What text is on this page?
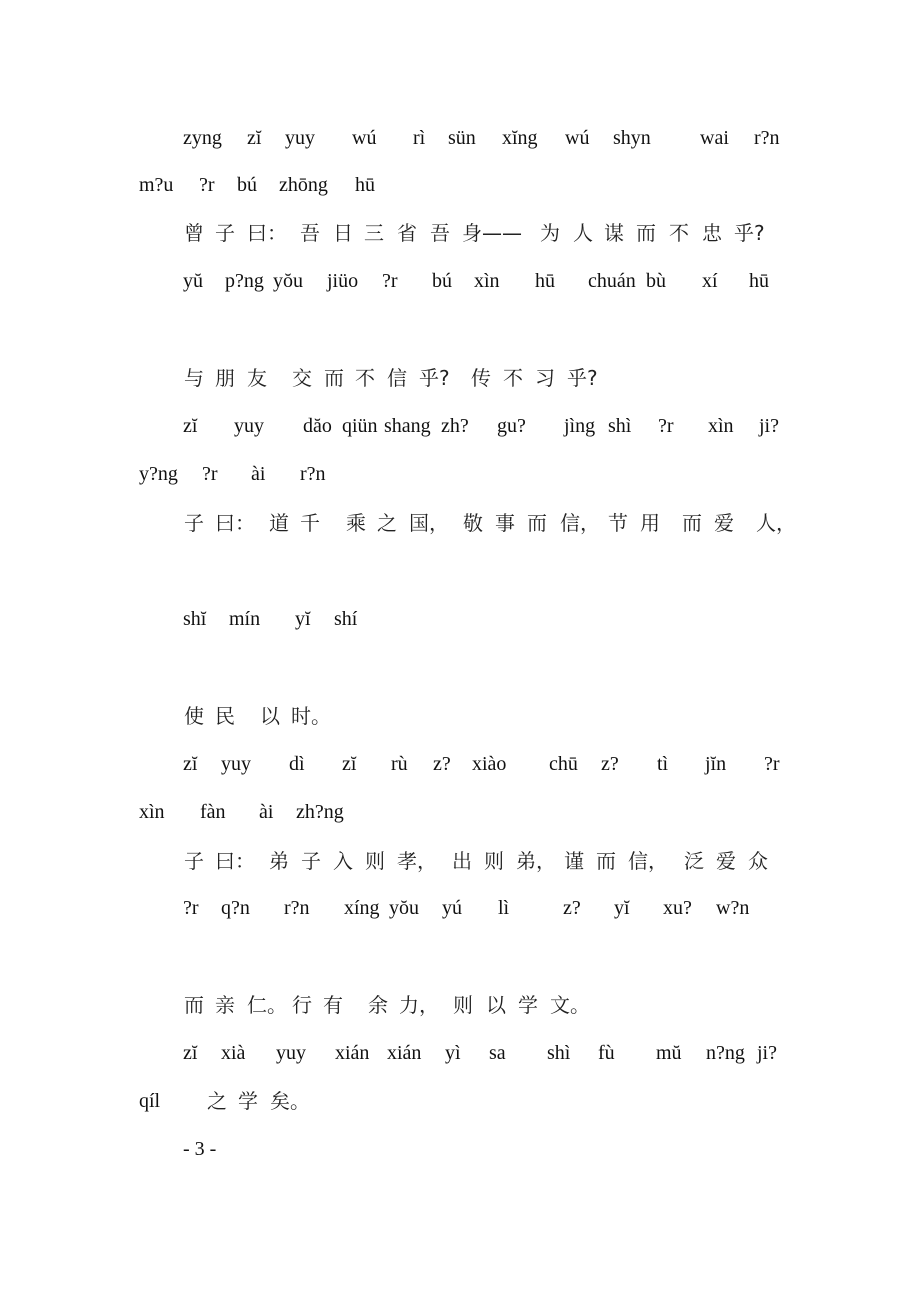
zyng zĭ yuy wú rì sün xĭng wú shyn wai r?n
m?u ?r bú zhōng hū
曾 子 曰： 吾 日 三 省 吾 身—— 为 人 谋 而 不 忠 乎?
yŭ p?ng yŏu jiüo ?r bú xìn hū chuán bù xí hū
与 朋 友 交 而 不 信 乎? 传 不 习 乎?
zĭ yuy dăo qiün shang zh? gu? jìng shì ?r xìn ji?
y?ng ?r ài r?n
子 曰： 道 千 乘 之 国， 敬 事 而 信， 节 用 而 爱 人，
shĭ mín yĭ shí
使 民 以 时。
zĭ yuy dì zĭ rù z? xiào chū z? tì jĭn ?r
xìn fàn ài zh?ng
子 曰： 弟 子 入 则 孝， 出 则 弟， 谨 而 信， 泛 爱 众
?r q?n r?n xíng yŏu yú lì	z? yĭ xu? w?n
而 亲 仁。 行 有 余 力， 则 以 学 文。
zĭ xià yuy xián xián yì sa shì fù mŭ n?ng ji?
qíl 之 学 矣。
- 3 -
